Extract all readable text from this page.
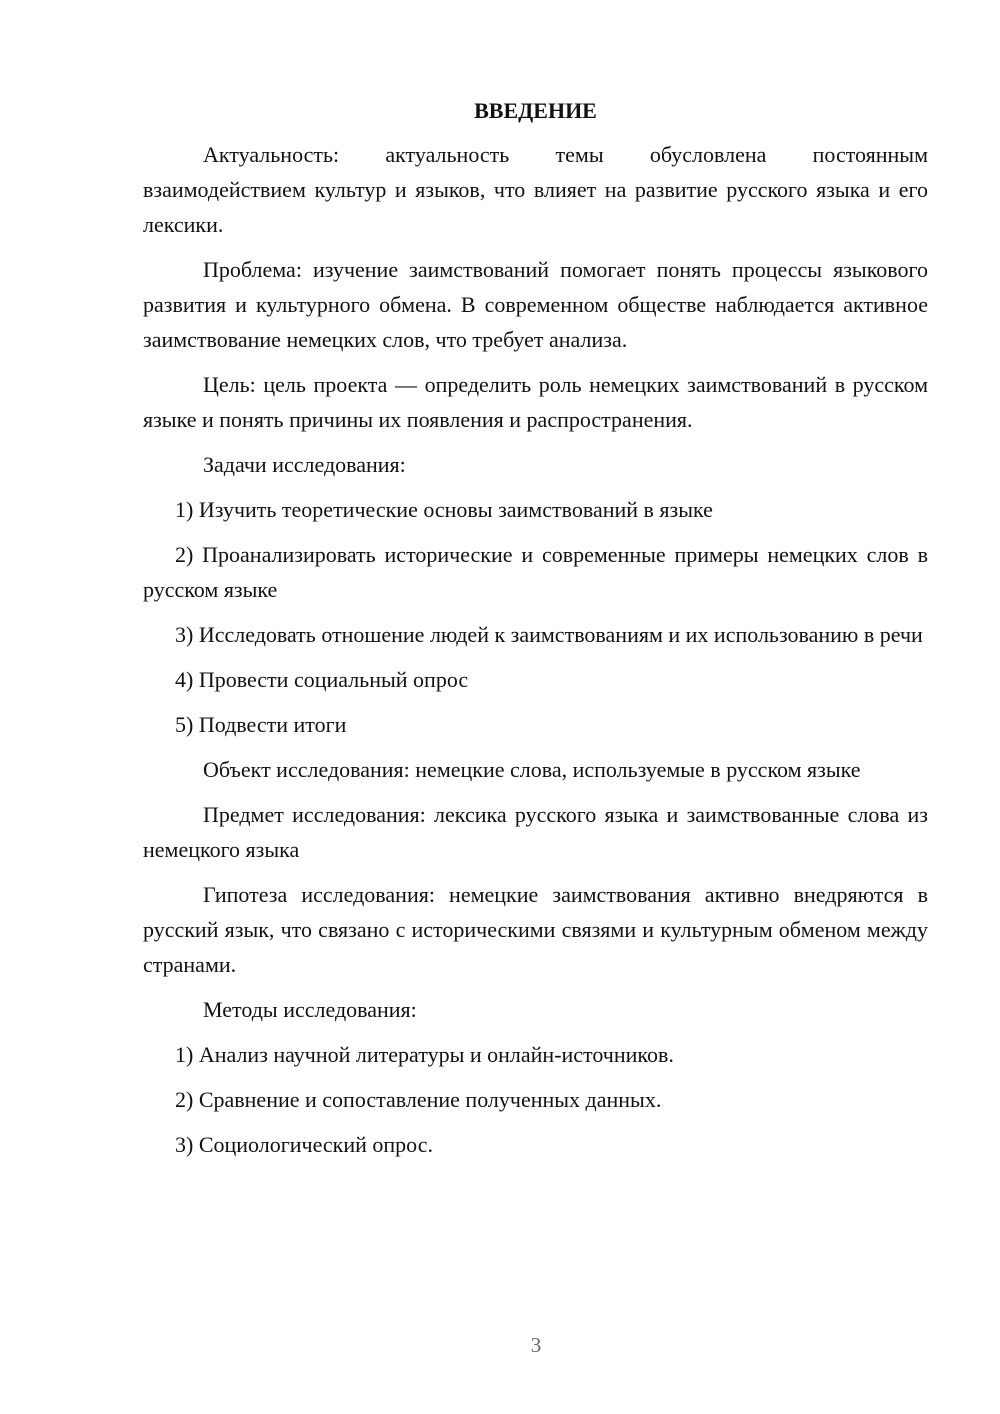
ВВЕДЕНИЕ

Актуальность: актуальность темы обусловлена постоянным взаимодействием культур и языков, что влияет на развитие русского языка и его лексики.

Проблема: изучение заимствований помогает понять процессы языкового развития и культурного обмена. В современном обществе наблюдается активное заимствование немецких слов, что требует анализа.

Цель: цель проекта — определить роль немецких заимствований в русском языке и понять причины их появления и распространения.

Задачи исследования:

1) Изучить теоретические основы заимствований в языке

2) Проанализировать исторические и современные примеры немецких слов в русском языке

3) Исследовать отношение людей к заимствованиям и их использованию в речи

4) Провести социальный опрос

5) Подвести итоги

Объект исследования: немецкие слова, используемые в русском языке

Предмет исследования: лексика русского языка и заимствованные слова из немецкого языка

Гипотеза исследования: немецкие заимствования активно внедряются в русский язык, что связано с историческими связями и культурным обменом между странами.

Методы исследования:

1) Анализ научной литературы и онлайн-источников.

2) Сравнение и сопоставление полученных данных.

3) Социологический опрос.

3
